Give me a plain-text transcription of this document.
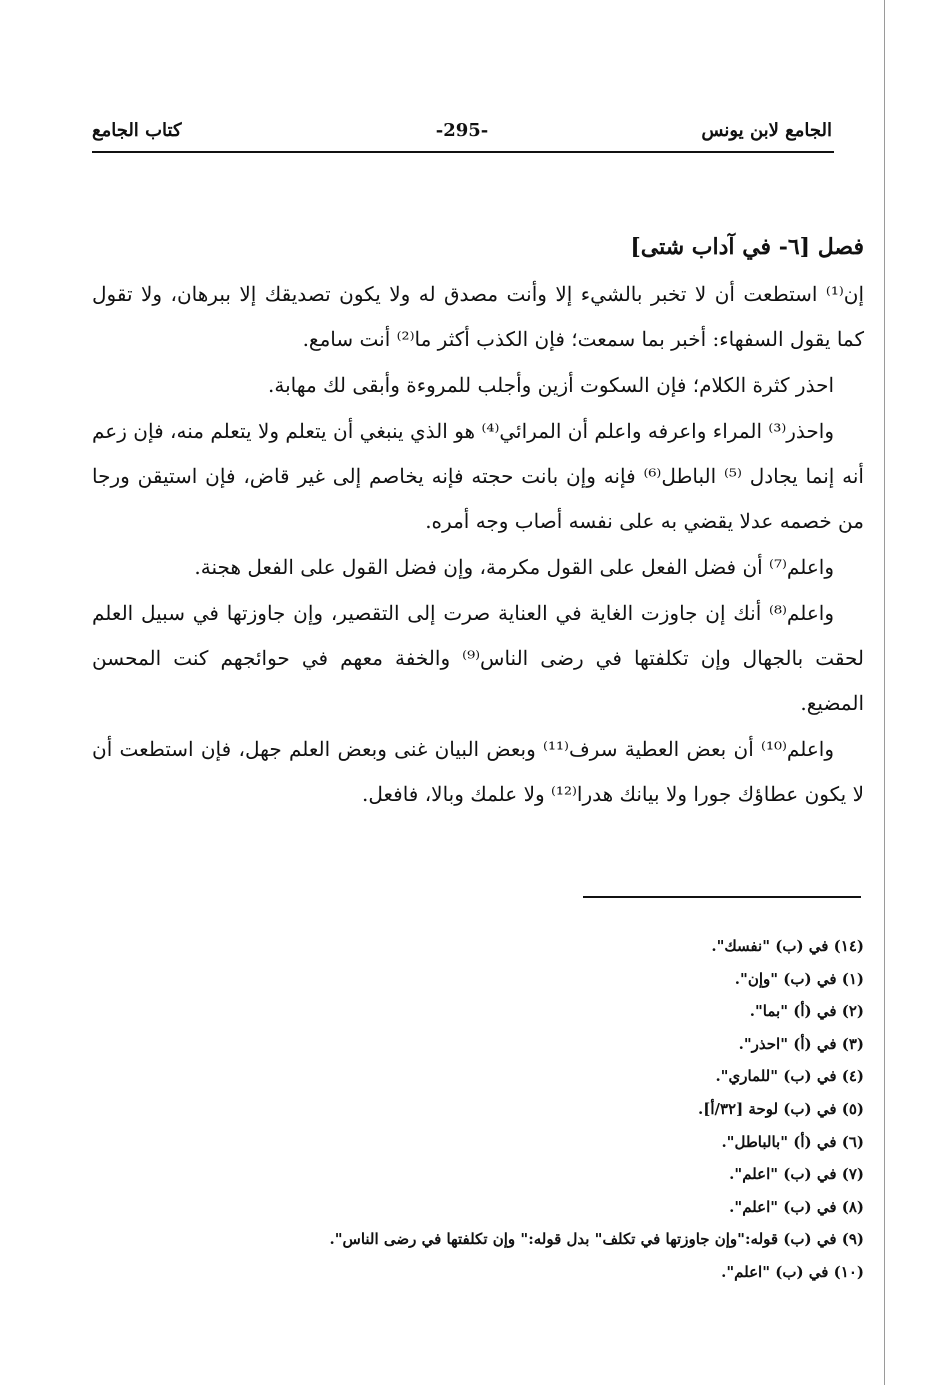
الجامع لابن يونس
-295-
كتاب الجامع
فصل [٦- في آداب شتى]

إن⁽¹⁾ استطعت أن لا تخبر بالشيء إلا وأنت مصدق له ولا يكون تصديقك إلا ببرهان، ولا تقول كما يقول السفهاء: أخبر بما سمعت؛ فإن الكذب أكثر ما⁽²⁾ أنت سامع.

احذر كثرة الكلام؛ فإن السكوت أزين وأجلب للمروءة وأبقى لك مهابة.

واحذر⁽³⁾ المراء واعرفه واعلم أن المرائي⁽⁴⁾ هو الذي ينبغي أن يتعلم ولا يتعلم منه، فإن زعم أنه إنما يجادل ⁽⁵⁾ الباطل⁽⁶⁾ فإنه وإن بانت حجته فإنه يخاصم إلى غير قاض، فإن استيقن ورجا من خصمه عدلا يقضي به على نفسه أصاب وجه أمره.

واعلم⁽⁷⁾ أن فضل الفعل على القول مكرمة، وإن فضل القول على الفعل هجنة.

واعلم⁽⁸⁾ أنك إن جاوزت الغاية في العناية صرت إلى التقصير، وإن جاوزتها في سبيل العلم لحقت بالجهال وإن تكلفتها في رضى الناس⁽⁹⁾ والخفة معهم في حوائجهم كنت المحسن المضيع.

واعلم⁽¹⁰⁾ أن بعض العطية سرف⁽¹¹⁾ وبعض البيان غنى وبعض العلم جهل، فإن استطعت أن لا يكون عطاؤك جورا ولا بيانك هدرا⁽¹²⁾ ولا علمك وبالا، فافعل.

(١٤) في (ب) "نفسك".
(١) في (ب) "وإن".
(٢) في (أ) "بما".
(٣) في (أ) "احذر".
(٤) في (ب) "للماري".
(٥) في (ب) لوحة [٣٢/أ].
(٦) في (أ) "بالباطل".
(٧) في (ب) "اعلم".
(٨) في (ب) "اعلم".
(٩) في (ب) قوله:"وإن جاوزتها في تكلف" بدل قوله:" وإن تكلفتها في رضى الناس".
(١٠) في (ب) "اعلم".
